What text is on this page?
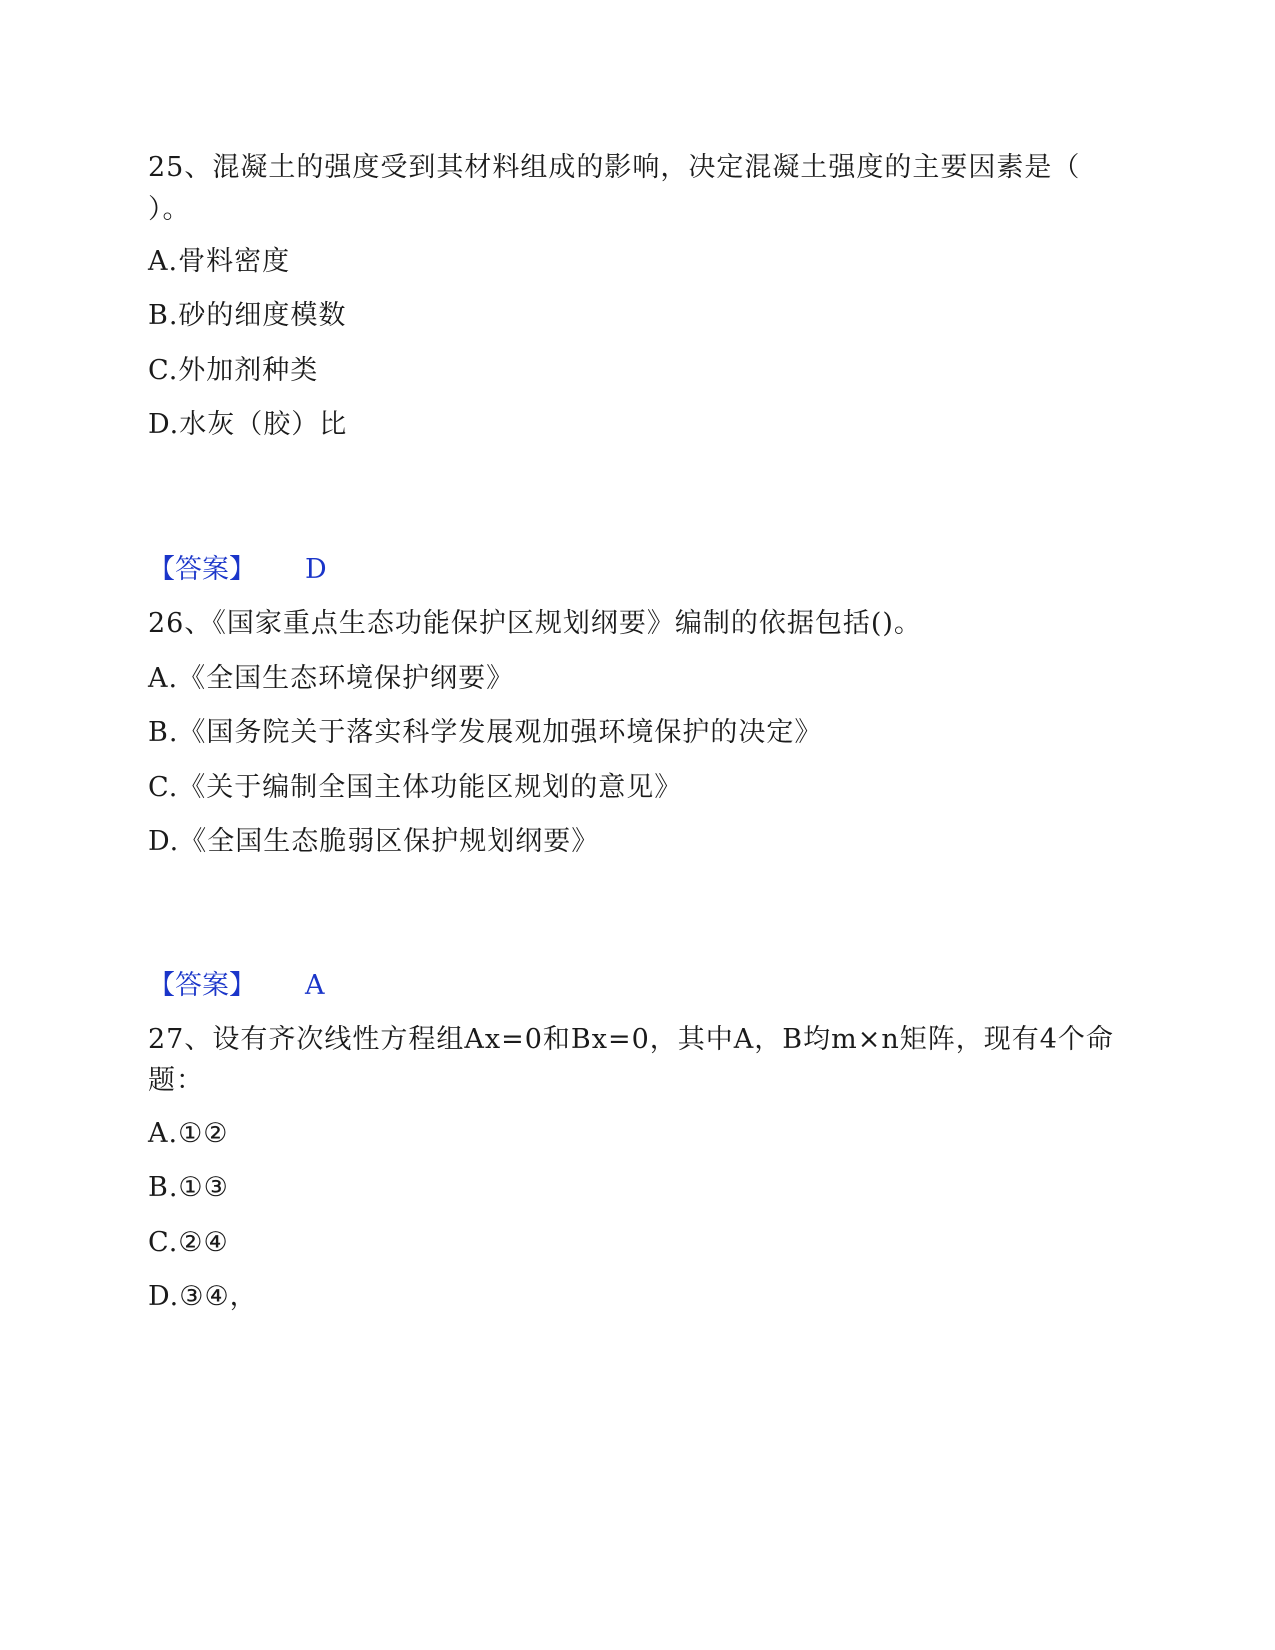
25、混凝土的强度受到其材料组成的影响，决定混凝土强度的主要因素是（
）。
A.骨料密度
B.砂的细度模数
C.外加剂种类
D.水灰（胶）比
【答案】 D
26、《国家重点生态功能保护区规划纲要》编制的依据包括()。
A.《全国生态环境保护纲要》
B.《国务院关于落实科学发展观加强环境保护的决定》
C.《关于编制全国主体功能区规划的意见》
D.《全国生态脆弱区保护规划纲要》
【答案】 A
27、设有齐次线性方程组Ax=0和Bx=0，其中A，B均m×n矩阵，现有4个命
题：
A.①②
B.①③
C.②④
D.③④，
